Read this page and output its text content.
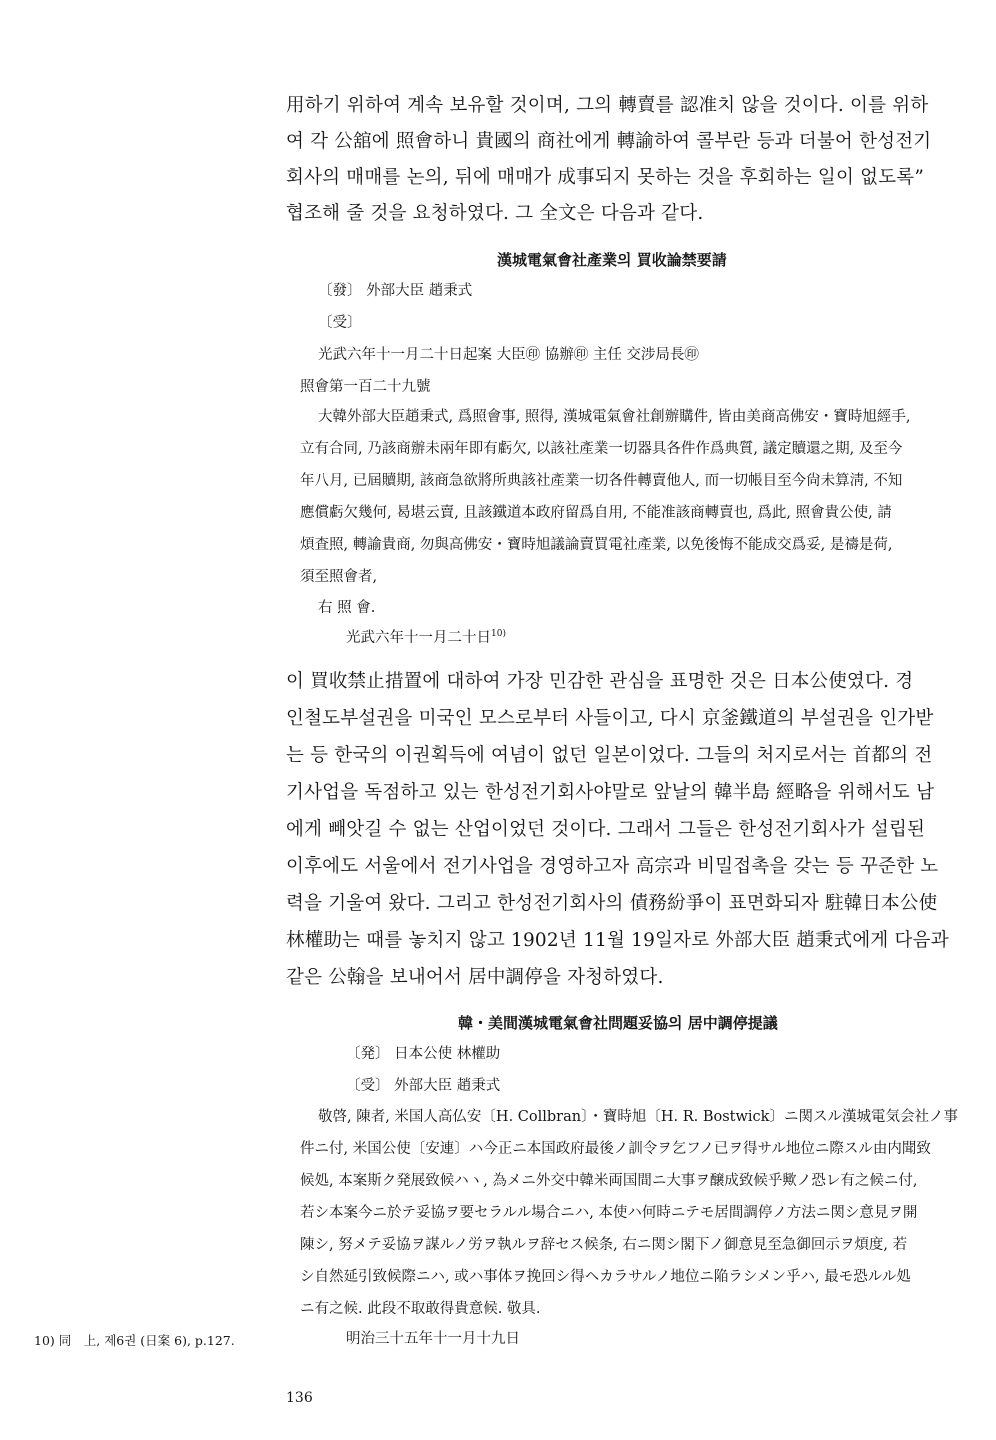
用하기 위하여 계속 보유할 것이며, 그의 轉賣를 認准치 않을 것이다. 이를 위하
여 각 公舘에 照會하니 貴國의 商社에게 轉諭하여 콜부란 등과 더불어 한성전기
회사의 매매를 논의, 뒤에 매매가 成事되지 못하는 것을 후회하는 일이 없도록”
협조해 줄 것을 요청하였다. 그 全文은 다음과 같다.
漢城電氣會社產業의 買收論禁要請
〔發〕 外部大臣 趙秉式
〔受〕
光武六年十一月二十日起案 大臣㊞ 協辦㊞ 主任 交涉局長㊞
照會第一百二十九號
大韓外部大臣趙秉式, 爲照會事, 照得, 漢城電氣會社創辦購件, 皆由美商高佛安・寶時旭經手,
立有合同, 乃該商辦未兩年即有虧欠, 以該社產業一切器具各件作爲典質, 議定贖還之期, 及至今
年八月, 已屆贖期, 該商急欲將所典該社產業一切各件轉賣他人, 而一切帳目至今尙未算淸, 不知
應償虧欠幾何, 曷堪云賣, 且該鐵道本政府留爲自用, 不能准該商轉賣也, 爲此, 照會貴公使, 請
煩査照, 轉諭貴商, 勿與高佛安・寶時旭議論賣買電社產業, 以免後悔不能成交爲妥, 是禱是荷,
須至照會者,
右 照 會.
光武六年十一月二十日$^{10)}$
이 買收禁止措置에 대하여 가장 민감한 관심을 표명한 것은 日本公使였다. 경
인철도부설권을 미국인 모스로부터 사들이고, 다시 京釜鐵道의 부설권을 인가받
는 등 한국의 이권획득에 여념이 없던 일본이었다. 그들의 처지로서는 首都의 전
기사업을 독점하고 있는 한성전기회사야말로 앞날의 韓半島 經略을 위해서도 남
에게 빼앗길 수 없는 산업이었던 것이다. 그래서 그들은 한성전기회사가 설립된
이후에도 서울에서 전기사업을 경영하고자 高宗과 비밀접촉을 갖는 등 꾸준한 노
력을 기울여 왔다. 그리고 한성전기회사의 債務紛爭이 표면화되자 駐韓日本公使
林權助는 때를 놓치지 않고 1902년 11월 19일자로 外部大臣 趙秉式에게 다음과
같은 公翰을 보내어서 居中調停을 자청하였다.
韓・美間漢城電氣會社問題妥協의 居中調停提議
〔発〕 日本公使 林權助
〔受〕 外部大臣 趙秉式
敬啓, 陳者, 米国人高仏安〔H. Collbran〕・寶時旭〔H. R. Bostwick〕ニ関スル漢城電気会社ノ事
件ニ付, 米国公使〔安連〕ハ今正ニ本国政府最後ノ訓令ヲ乞フノ已ヲ得サル地位ニ際スル由内聞致
候処, 本案斯ク発展致候ハヽ, 為メニ外交中韓米両国間ニ大事ヲ醸成致候乎歟ノ恐レ有之候ニ付,
若シ本案今ニ於テ妥協ヲ要セラルル場合ニハ, 本使ハ何時ニテモ居間調停ノ方法ニ関シ意見ヲ開
陳シ, 努メテ妥協ヲ謀ルノ労ヲ執ルヲ辞セス候条, 右ニ関シ閣下ノ御意見至急御回示ヲ煩度, 若
シ自然延引致候際ニハ, 或ハ事体ヲ挽回シ得ヘカラサルノ地位ニ陥ラシメン乎ハ, 最モ恐ルル処
ニ有之候. 此段不取敢得貴意候. 敬具.
明治三十五年十一月十九日
10) 同　上, 제6권 (日案 6), p.127.
136
